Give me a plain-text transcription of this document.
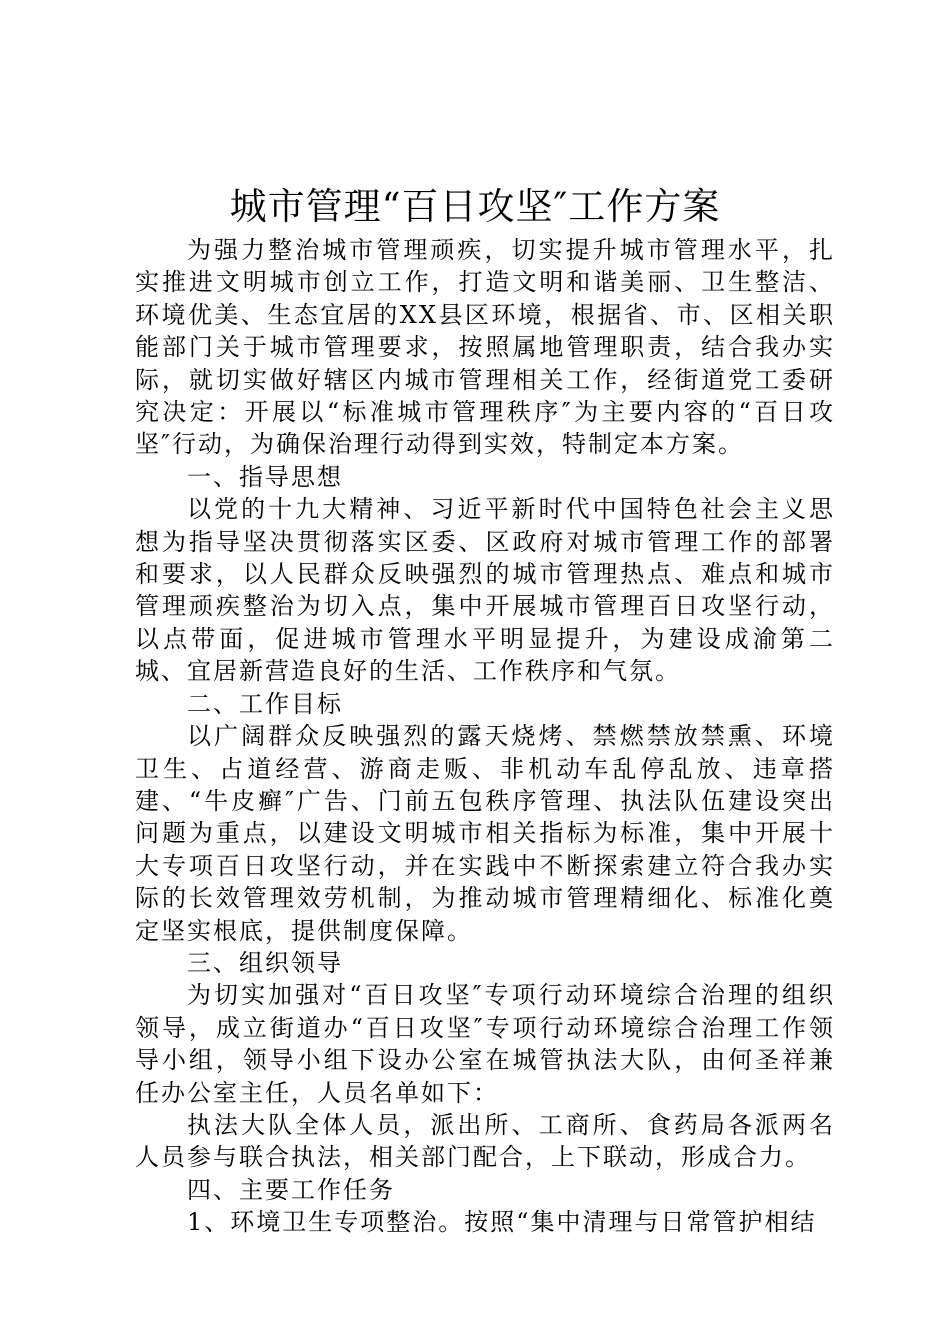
城市管理“百日攻坚″工作方案

为强力整治城市管理顽疾，切实提升城市管理水平，扎实推进文明城市创立工作，打造文明和谐美丽、卫生整洁、环境优美、生态宜居的XX县区环境，根据省、市、区相关职能部门关于城市管理要求，按照属地管理职责，结合我办实际，就切实做好辖区内城市管理相关工作，经街道党工委研究决定：开展以“标准城市管理秩序″为主要内容的“百日攻坚″行动，为确保治理行动得到实效，特制定本方案。

一、指导思想

以党的十九大精神、习近平新时代中国特色社会主义思想为指导坚决贯彻落实区委、区政府对城市管理工作的部署和要求，以人民群众反映强烈的城市管理热点、难点和城市管理顽疾整治为切入点，集中开展城市管理百日攻坚行动，以点带面，促进城市管理水平明显提升，为建设成渝第二城、宜居新营造良好的生活、工作秩序和气氛。

二、工作目标

以广阔群众反映强烈的露天烧烤、禁燃禁放禁熏、环境卫生、占道经营、游商走贩、非机动车乱停乱放、违章搭建、“牛皮癣″广告、门前五包秩序管理、执法队伍建设突出问题为重点，以建设文明城市相关指标为标准，集中开展十大专项百日攻坚行动，并在实践中不断探索建立符合我办实际的长效管理效劳机制，为推动城市管理精细化、标准化奠定坚实根底，提供制度保障。

三、组织领导

为切实加强对“百日攻坚″专项行动环境综合治理的组织领导，成立街道办“百日攻坚″专项行动环境综合治理工作领导小组，领导小组下设办公室在城管执法大队，由何圣祥兼任办公室主任，人员名单如下：

执法大队全体人员，派出所、工商所、食药局各派两名人员参与联合执法，相关部门配合，上下联动，形成合力。

四、主要工作任务

1、环境卫生专项整治。按照“集中清理与日常管护相结
